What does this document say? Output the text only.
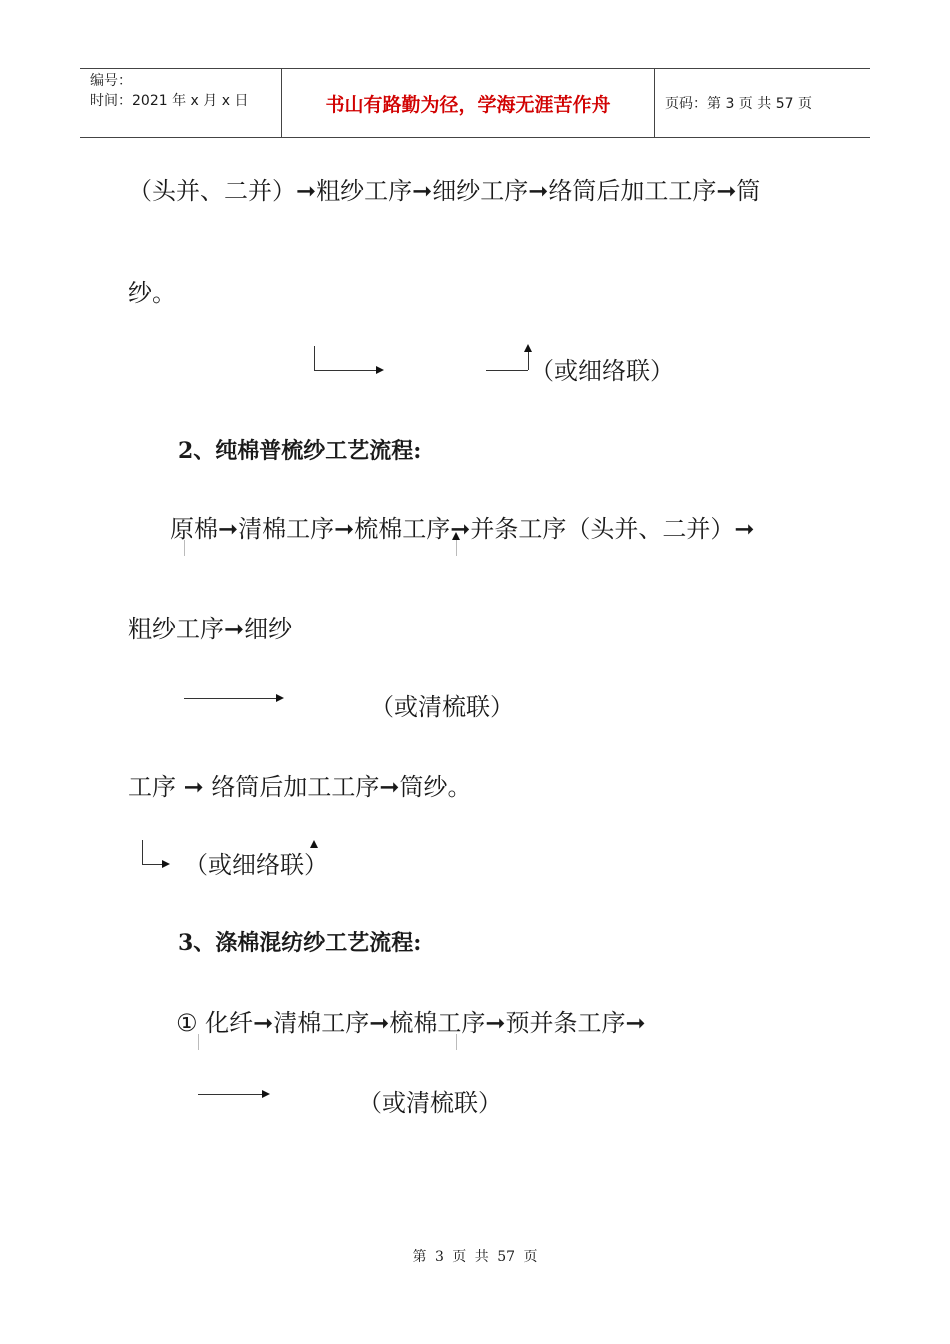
编号：
时间：2021 年 x 月 x 日	书山有路勤为径，学海无涯苦作舟	页码：第 3 页 共 57 页
（头并、二并）➞粗纱工序➞细纱工序➞络筒后加工工序➞筒
纱。
（或细络联）
2、纯棉普梳纱工艺流程:
原棉➞清棉工序➞梳棉工序➞并条工序（头并、二并）➞
粗纱工序➞细纱
（或清梳联）
工序 ➞ 络筒后加工工序➞筒纱。
（或细络联）
3、涤棉混纺纱工艺流程:
① 化纤➞清棉工序➞梳棉工序➞预并条工序➞
（或清梳联）
第 3 页 共 57 页
